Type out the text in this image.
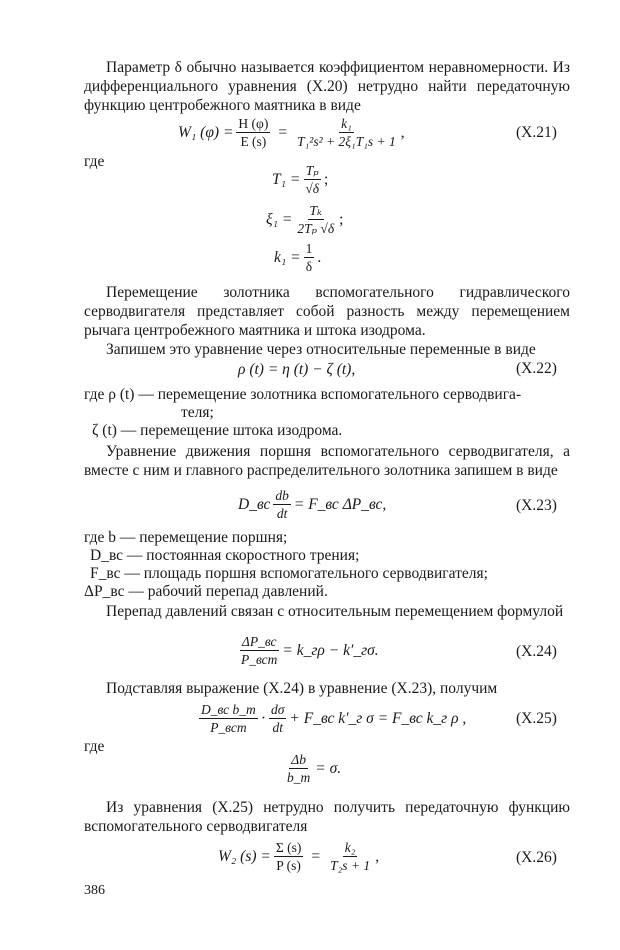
Параметр δ обычно называется коэффициентом неравномерности. Из дифференциального уравнения (X.20) нетрудно найти передаточную функцию центробежного маятника в виде
W₁ $(\varphi) = \frac{H (\varphi)}{E (s)} = \frac{\text{k₁}}{\text{T₁²s² + 2ξ₁T₁s + 1}}$ ,	(X.21)
где
$T_1 = \frac{\text{Tₚ}}{√\delta}$ ;
$\xi_1 = \frac{\text{Tₖ}}{\text{2Tₚ √δ}}$ ;
$k_1 = \frac{1}{\delta}$ .
Перемещение золотника вспомогательного гидравлического серводвигателя представляет собой разность между перемещением рычага центробежного маятника и штока изодрома.
Запишем это уравнение через относительные переменные в виде
ρ (t) = η (t) − ζ (t),	(X.22)
где ρ (t) — перемещение золотника вспомогательного серводвига-
теля;
ζ (t) — перемещение штока изодрома.
Уравнение движения поршня вспомогательного серводвигателя, а вместе с ним и главного распределительного золотника запишем в виде
D_вс $\frac{db}{dt}$ = F_вс ΔP_вс,	(X.23)
где b — перемещение поршня;
D_вс — постоянная скоростного трения;
F_вс — площадь поршня вспомогательного серводвигателя;
ΔP_вс — рабочий перепад давлений.
Перепад давлений связан с относительным перемещением формулой
$\frac{\Delta P\_вс}{\text{P\_всm}}$ = k_гρ − k′_гσ.	(X.24)
Подставляя выражение (X.24) в уравнение (X.23), получим
$\frac{\text{D\_вс b\_m}}{\text{P\_всm}} \cdot \frac{d\sigma}{dt}$ + F_вс k′_г σ = F_вс k_г ρ ,	(X.25)
где
$\frac{\Delta b}{b\_m} = \sigma$.
Из уравнения (X.25) нетрудно получить передаточную функцию вспомогательного серводвигателя
W₂ $(s) = \frac{\Sigma (s)}{P (s)} = \frac{\text{k₂}}{\text{T₂s + 1}}$ ,	(X.26)
386
